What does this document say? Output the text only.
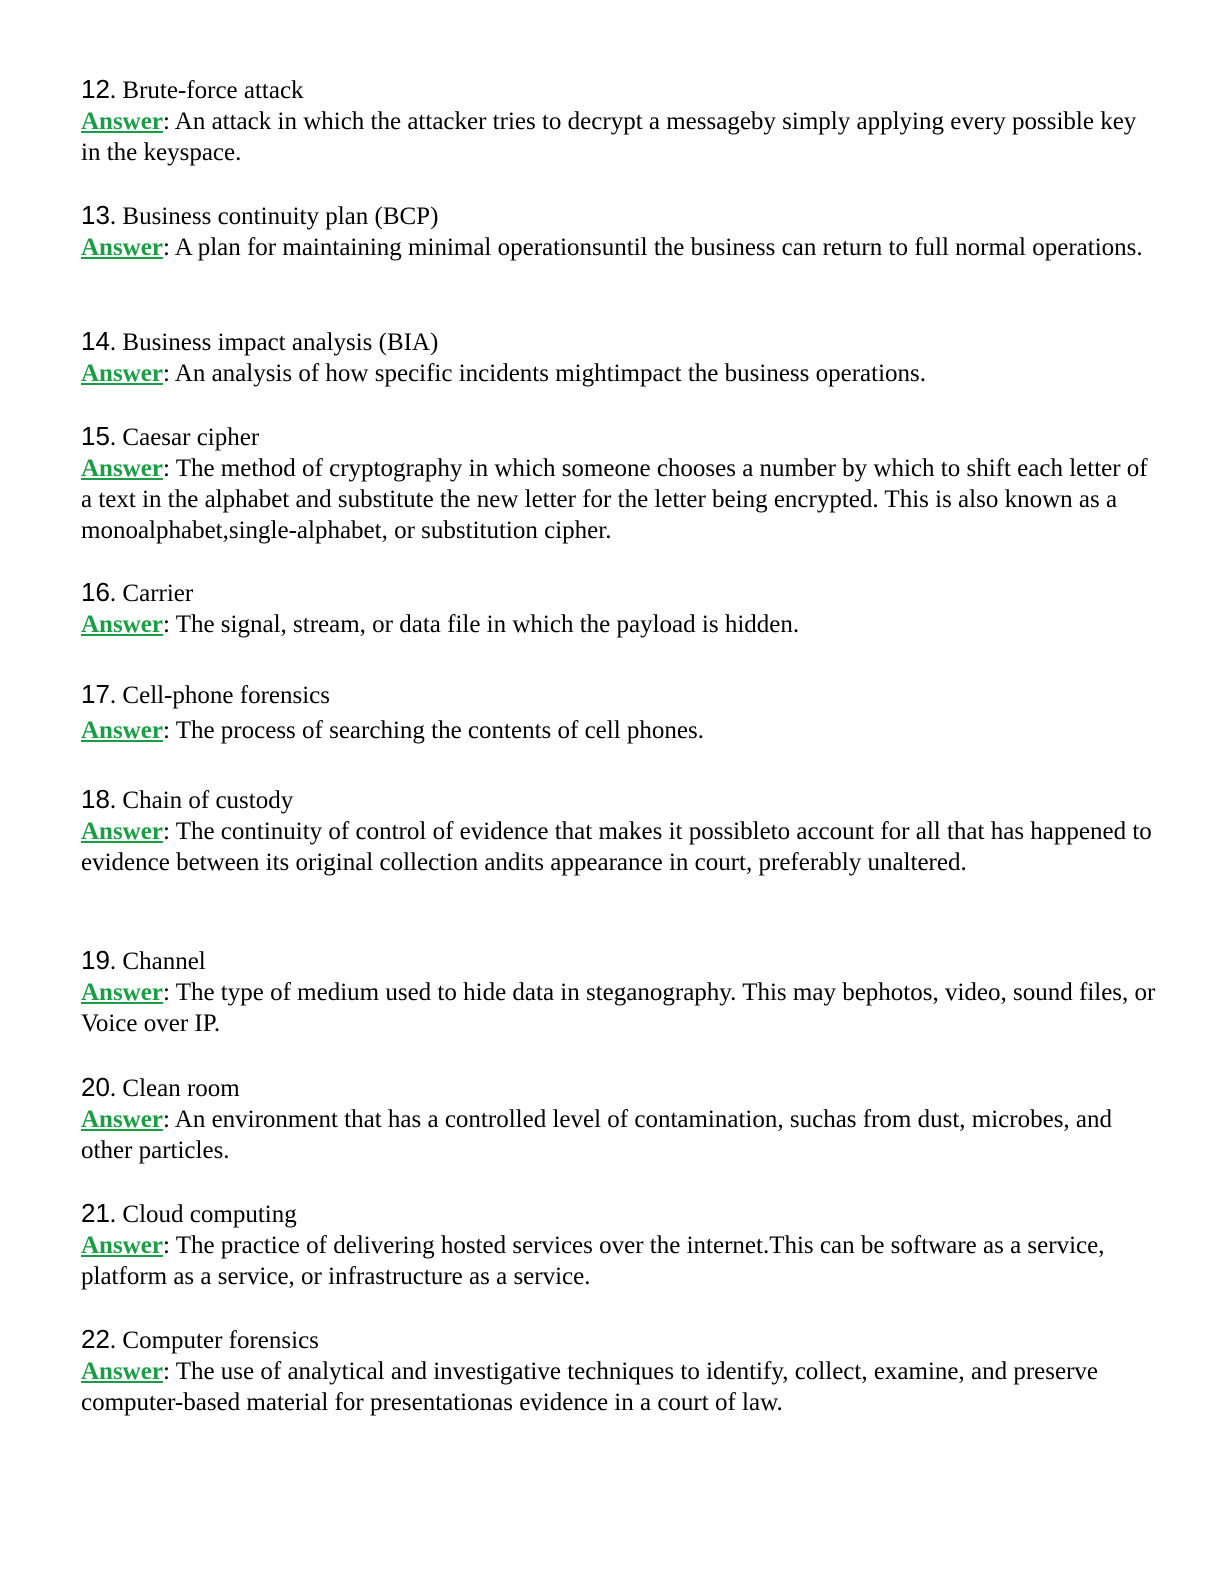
12. Brute-force attack

Answer: An attack in which the attacker tries to decrypt a messageby simply applying every possible key in the keyspace.

13. Business continuity plan (BCP)

Answer: A plan for maintaining minimal operationsuntil the business can return to full normal operations.

14. Business impact analysis (BIA)

Answer: An analysis of how specific incidents mightimpact the business operations.

15. Caesar cipher

Answer: The method of cryptography in which someone chooses a number by which to shift each letter of a text in the alphabet and substitute the new letter for the letter being encrypted. This is also known as a monoalphabet,single-alphabet, or substitution cipher.

16. Carrier

Answer: The signal, stream, or data file in which the payload is hidden.

17. Cell-phone forensics

Answer: The process of searching the contents of cell phones.

18. Chain of custody

Answer: The continuity of control of evidence that makes it possibleto account for all that has happened to evidence between its original collection andits appearance in court, preferably unaltered.

19. Channel

Answer: The type of medium used to hide data in steganography. This may bephotos, video, sound files, or Voice over IP.

20. Clean room

Answer: An environment that has a controlled level of contamination, suchas from dust, microbes, and other particles.

21. Cloud computing

Answer: The practice of delivering hosted services over the internet.This can be software as a service, platform as a service, or infrastructure as a service.

22. Computer forensics

Answer: The use of analytical and investigative techniques to identify, collect, examine, and preserve computer-based material for presentationas evidence in a court of law.
